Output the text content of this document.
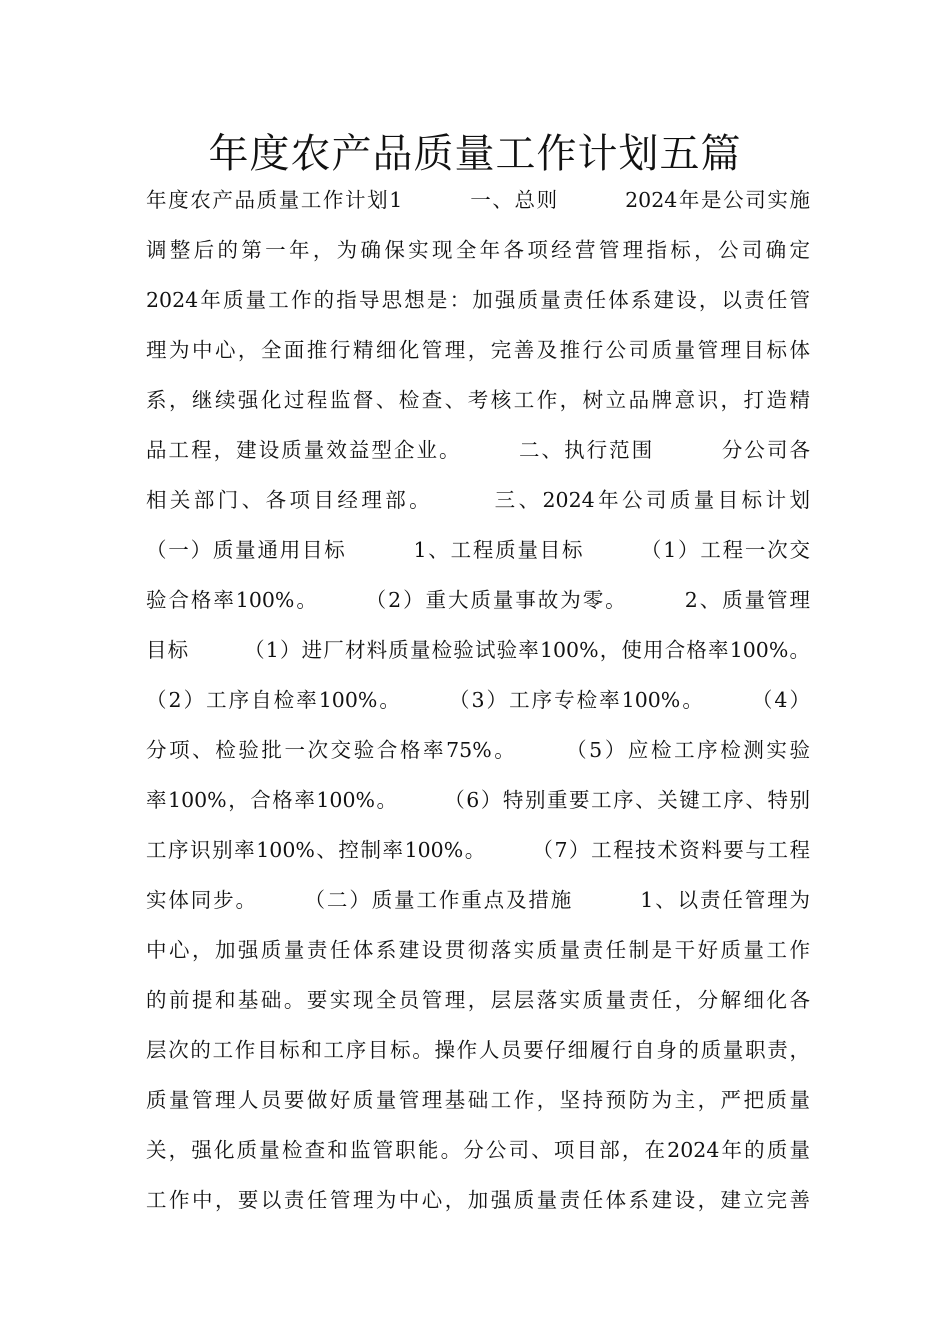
年度农产品质量工作计划五篇
年度农产品质量工作计划1　　　一、总则　　　2024年是公司实施
调整后的第一年，为确保实现全年各项经营管理指标，公司确定
2024年质量工作的指导思想是：加强质量责任体系建设，以责任管
理为中心，全面推行精细化管理，完善及推行公司质量管理目标体
系，继续强化过程监督、检查、考核工作，树立品牌意识，打造精
品工程，建设质量效益型企业。　　　二、执行范围　　　分公司各
相关部门、各项目经理部。　　　三、2024年公司质量目标计划
（一）质量通用目标　　　1、工程质量目标　　　（1）工程一次交
验合格率100%。　　　（2）重大质量事故为零。　　　2、质量管理
目标　　　（1）进厂材料质量检验试验率100%，使用合格率100%。
（2）工序自检率100%。　　　（3）工序专检率100%。　　　（4）
分项、检验批一次交验合格率75%。　　　（5）应检工序检测实验
率100%，合格率100%。　　　（6）特别重要工序、关键工序、特别
工序识别率100%、控制率100%。　　　（7）工程技术资料要与工程
实体同步。　　　（二）质量工作重点及措施　　　1、以责任管理为
中心，加强质量责任体系建设贯彻落实质量责任制是干好质量工作
的前提和基础。要实现全员管理，层层落实质量责任，分解细化各
层次的工作目标和工序目标。操作人员要仔细履行自身的质量职责，
质量管理人员要做好质量管理基础工作，坚持预防为主，严把质量
关，强化质量检查和监管职能。分公司、项目部，在2024年的质量
工作中，要以责任管理为中心，加强质量责任体系建设，建立完善
